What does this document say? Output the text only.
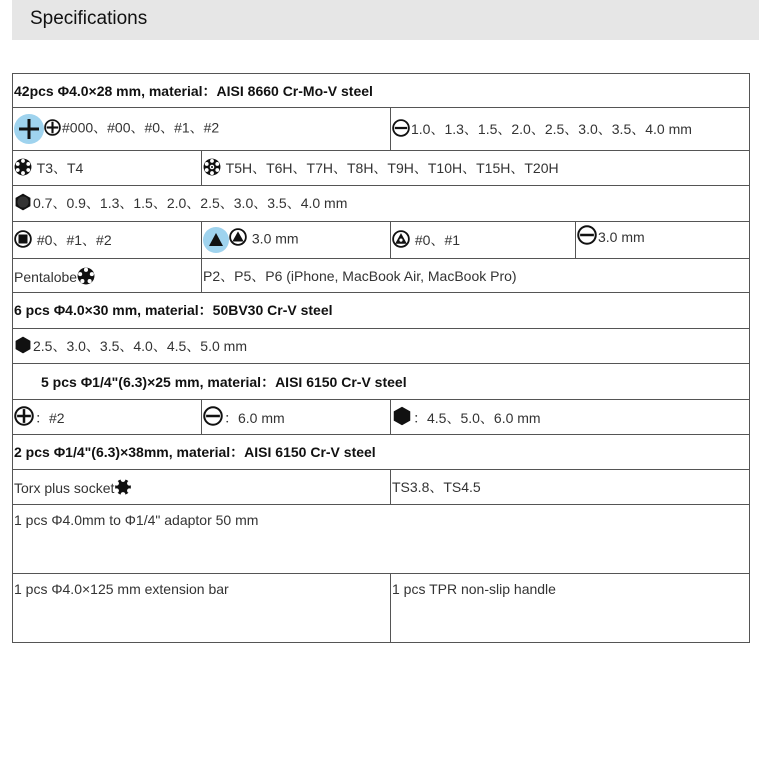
Specifications
42pcs Φ4.0×28 mm, material：AISI 8660 Cr-Mo-V steel			

#000、#00、#0、#1、#2		1.0、1.3、1.5、2.0、2.5、3.0、3.5、4.0 mm	

T3、T4	T5H、T6H、T7H、T8H、T9H、T10H、T15H、T20H		

0.7、0.9、1.3、1.5、2.0、2.5、3.0、3.5、4.0 mm			

#0、#1、#2	3.0 mm	#0、#1	3.0 mm
Pentalobe	P2、P5、P6 (iPhone, MacBook Air, MacBook Pro)		
6 pcs Φ4.0×30 mm, material：50BV30 Cr-V steel			

2.5、3.0、3.5、4.0、4.5、5.0 mm			
5 pcs Φ1/4"(6.3)×25 mm, material：AISI 6150 Cr-V steel			

：#2	：6.0 mm	：4.5、5.0、6.0 mm	
2 pcs Φ1/4"(6.3)×38mm, material：AISI 6150 Cr-V steel			
Torx plus socket		TS3.8、TS4.5	
1 pcs Φ4.0mm to Φ1/4" adaptor 50 mm			
1 pcs Φ4.0×125 mm extension bar		1 pcs TPR non-slip handle	
